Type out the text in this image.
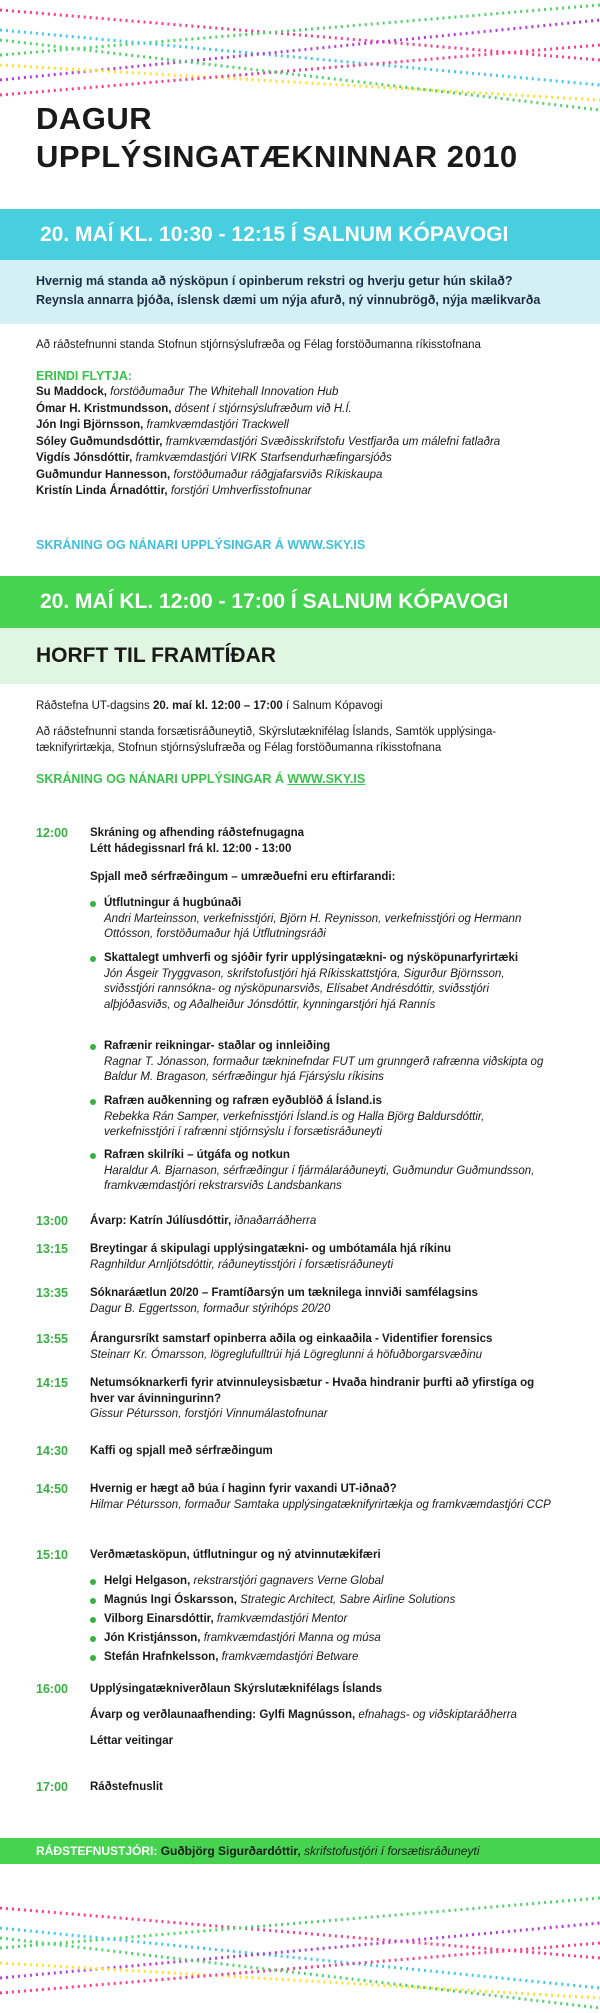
DAGUR
UPPLÝSINGATÆKNINNAR 2010
20. MAÍ KL. 10:30 - 12:15 Í SALNUM KÓPAVOGI
Hvernig má standa að nýsköpun í opinberum rekstri og hverju getur hún skilað?
Reynsla annarra þjóða, íslensk dæmi um nýja afurð, ný vinnubrögð, nýja mælikvarða

Að ráðstefnunni standa Stofnun stjórnsýslufræða og Félag forstöðumanna ríkisstofnana

ERINDI FLYTJA:
Su Maddock, forstöðumaður The Whitehall Innovation Hub
Ómar H. Kristmundsson, dósent í stjórnsýslufræðum við H.Í.
Jón Ingi Björnsson, framkvæmdastjóri Trackwell
Sóley Guðmundsdóttir, framkvæmdastjóri Svæðisskrifstofu Vestfjarða um málefni fatlaðra
Vigdís Jónsdóttir, framkvæmdastjóri VIRK Starfsendurhæfingarsjóðs
Guðmundur Hannesson, forstöðumaður ráðgjafarsviðs Ríkiskaupa
Kristín Linda Árnadóttir, forstjóri Umhverfisstofnunar
SKRÁNING OG NÁNARI UPPLÝSINGAR Á WWW.SKY.IS
20. MAÍ KL. 12:00 - 17:00 Í SALNUM KÓPAVOGI
HORFT TIL FRAMTÍÐAR

Ráðstefna UT-dagsins 20. maí kl. 12:00 – 17:00 í Salnum Kópavogi

Að ráðstefnunni standa forsætisráðuneytið, Skýrslutæknifélag Íslands, Samtök upplýsinga-tæknifyrirtækja, Stofnun stjórnsýslufræða og Félag forstöðumanna ríkisstofnana

SKRÁNING OG NÁNARI UPPLÝSINGAR Á WWW.SKY.IS
12:00 Skráning og afhending ráðstefnugagna
Létt hádegissnarl frá kl. 12:00 - 13:00
Spjall með sérfræðingum – umræðuefni eru eftirfarandi:
Útflutningur á hugbúnaði
Andri Marteinsson, verkefnisstjóri, Björn H. Reynisson, verkefnisstjóri og Hermann Ottósson, forstöðumaður hjá Útflutningsráði
Skattalegt umhverfi og sjóðir fyrir upplýsingatækni- og nýsköpunarfyrirtæki
Jón Ásgeir Tryggvason, skrifstofustjóri hjá Ríkisskattstjóra, Sigurður Björnsson, sviðsstjóri rannsókna- og nýsköpunarsviðs, Elísabet Andrésdóttir, sviðsstjóri alþjóðasviðs, og Aðalheiður Jónsdóttir, kynningarstjóri hjá Rannís
Rafrænir reikningar- staðlar og innleiðing
Ragnar T. Jónasson, formaður tækninefndar FUT um grunngerð rafrænna viðskipta og Baldur M. Bragason, sérfræðingur hjá Fjársýslu ríkisins
Rafræn auðkenning og rafræn eyðublöð á Ísland.is
Rebekka Rán Samper, verkefnisstjóri Ísland.is og Halla Björg Baldursdóttir, verkefnisstjóri í rafrænni stjórnsýslu í forsætisráðuneyti
Rafræn skilríki – útgáfa og notkun
Haraldur A. Bjarnason, sérfræðingur í fjármálaráðuneyti, Guðmundur Guðmundsson, framkvæmdastjóri rekstrarsviðs Landsbankans
13:00 Ávarp: Katrín Júlíusdóttir, iðnaðarráðherra
13:15 Breytingar á skipulagi upplýsingatækni- og umbótamála hjá ríkinu
Ragnhildur Arnljótsdóttir, ráðuneytisstjóri í forsætisráðuneyti
13:35 Sóknaráætlun 20/20 – Framtíðarsýn um tæknilega innviði samfélagsins
Dagur B. Eggertsson, formaður stýrihóps 20/20
13:55 Árangursríkt samstarf opinberra aðila og einkaaðila - Videntifier forensics
Steinarr Kr. Ómarsson, lögreglufulltrúi hjá Lögreglunni á höfuðborgarsvæðinu
14:15 Netumsóknarkerfi fyrir atvinnuleysisbætur - Hvaða hindranir þurfti að yfirstíga og hver var ávinningurinn?
Gissur Pétursson, forstjóri Vinnumálastofnunar
14:30 Kaffi og spjall með sérfræðingum
14:50 Hvernig er hægt að búa í haginn fyrir vaxandi UT-iðnað?
Hilmar Pétursson, formaður Samtaka upplýsingatæknifyrirtækja og framkvæmdastjóri CCP
15:10 Verðmætasköpun, útflutningur og ný atvinnutækifæri
Helgi Helgason, rekstrarstjóri gagnavers Verne Global
Magnús Ingi Óskarsson, Strategic Architect, Sabre Airline Solutions
Vilborg Einarsdóttir, framkvæmdastjóri Mentor
Jón Kristjánsson, framkvæmdastjóri Manna og músa
Stefán Hrafnkelsson, framkvæmdastjóri Betware
16:00 Upplýsingatækniverðlaun Skýrslutæknifélags Íslands
Ávarp og verðlaunaafhending: Gylfi Magnússon, efnahags- og viðskiptaráðherra
Léttar veitingar
17:00 Ráðstefnuslit
RÁÐSTEFNUSTJÓRI: Guðbjörg Sigurðardóttir, skrifstofustjóri í forsætisráðuneyti
